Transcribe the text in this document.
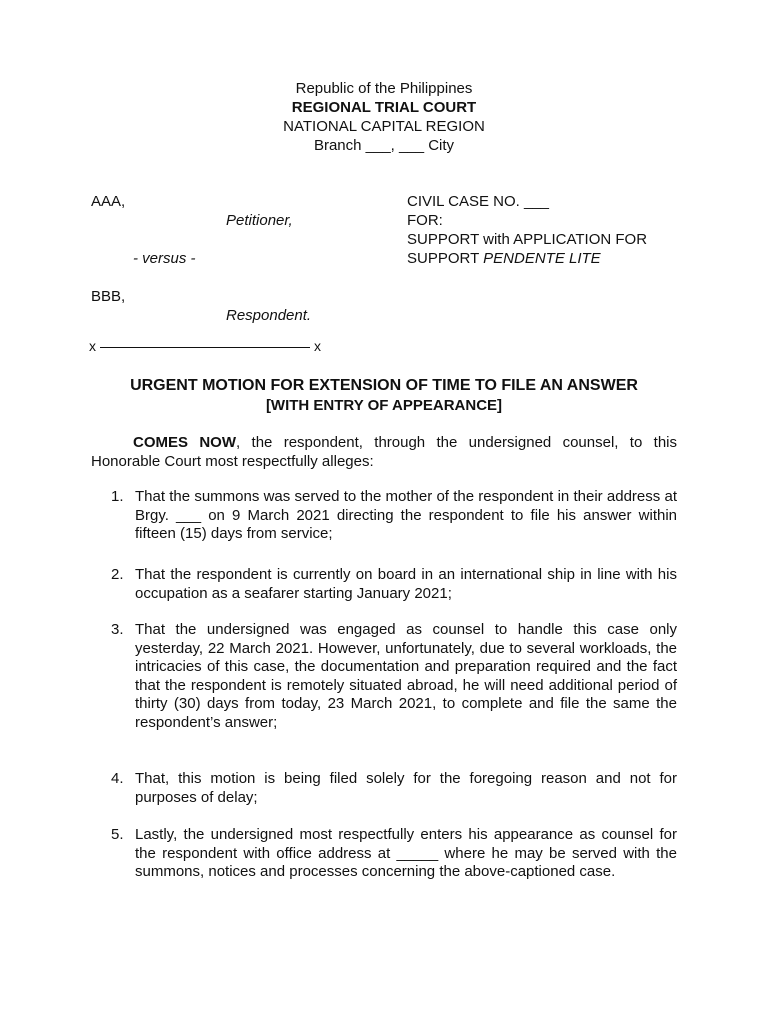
Republic of the Philippines
REGIONAL TRIAL COURT
NATIONAL CAPITAL REGION
Branch ___, ___ City
AAA,
Petitioner,
- versus -
BBB,
Respondent.
CIVIL CASE NO. ___
FOR:
SUPPORT with APPLICATION FOR
SUPPORT PENDENTE LITE
x	x
URGENT MOTION FOR EXTENSION OF TIME TO FILE AN ANSWER
[WITH ENTRY OF APPEARANCE]
COMES NOW, the respondent, through the undersigned counsel, to this Honorable Court most respectfully alleges:
1. That the summons was served to the mother of the respondent in their address at Brgy. ___ on 9 March 2021 directing the respondent to file his answer within fifteen (15) days from service;
2. That the respondent is currently on board in an international ship in line with his occupation as a seafarer starting January 2021;
3. That the undersigned was engaged as counsel to handle this case only yesterday, 22 March 2021. However, unfortunately, due to several workloads, the intricacies of this case, the documentation and preparation required and the fact that the respondent is remotely situated abroad, he will need additional period of thirty (30) days from today, 23 March 2021, to complete and file the same the respondent’s answer;
4. That, this motion is being filed solely for the foregoing reason and not for purposes of delay;
5. Lastly, the undersigned most respectfully enters his appearance as counsel for the respondent with office address at _____ where he may be served with the summons, notices and processes concerning the above-captioned case.
